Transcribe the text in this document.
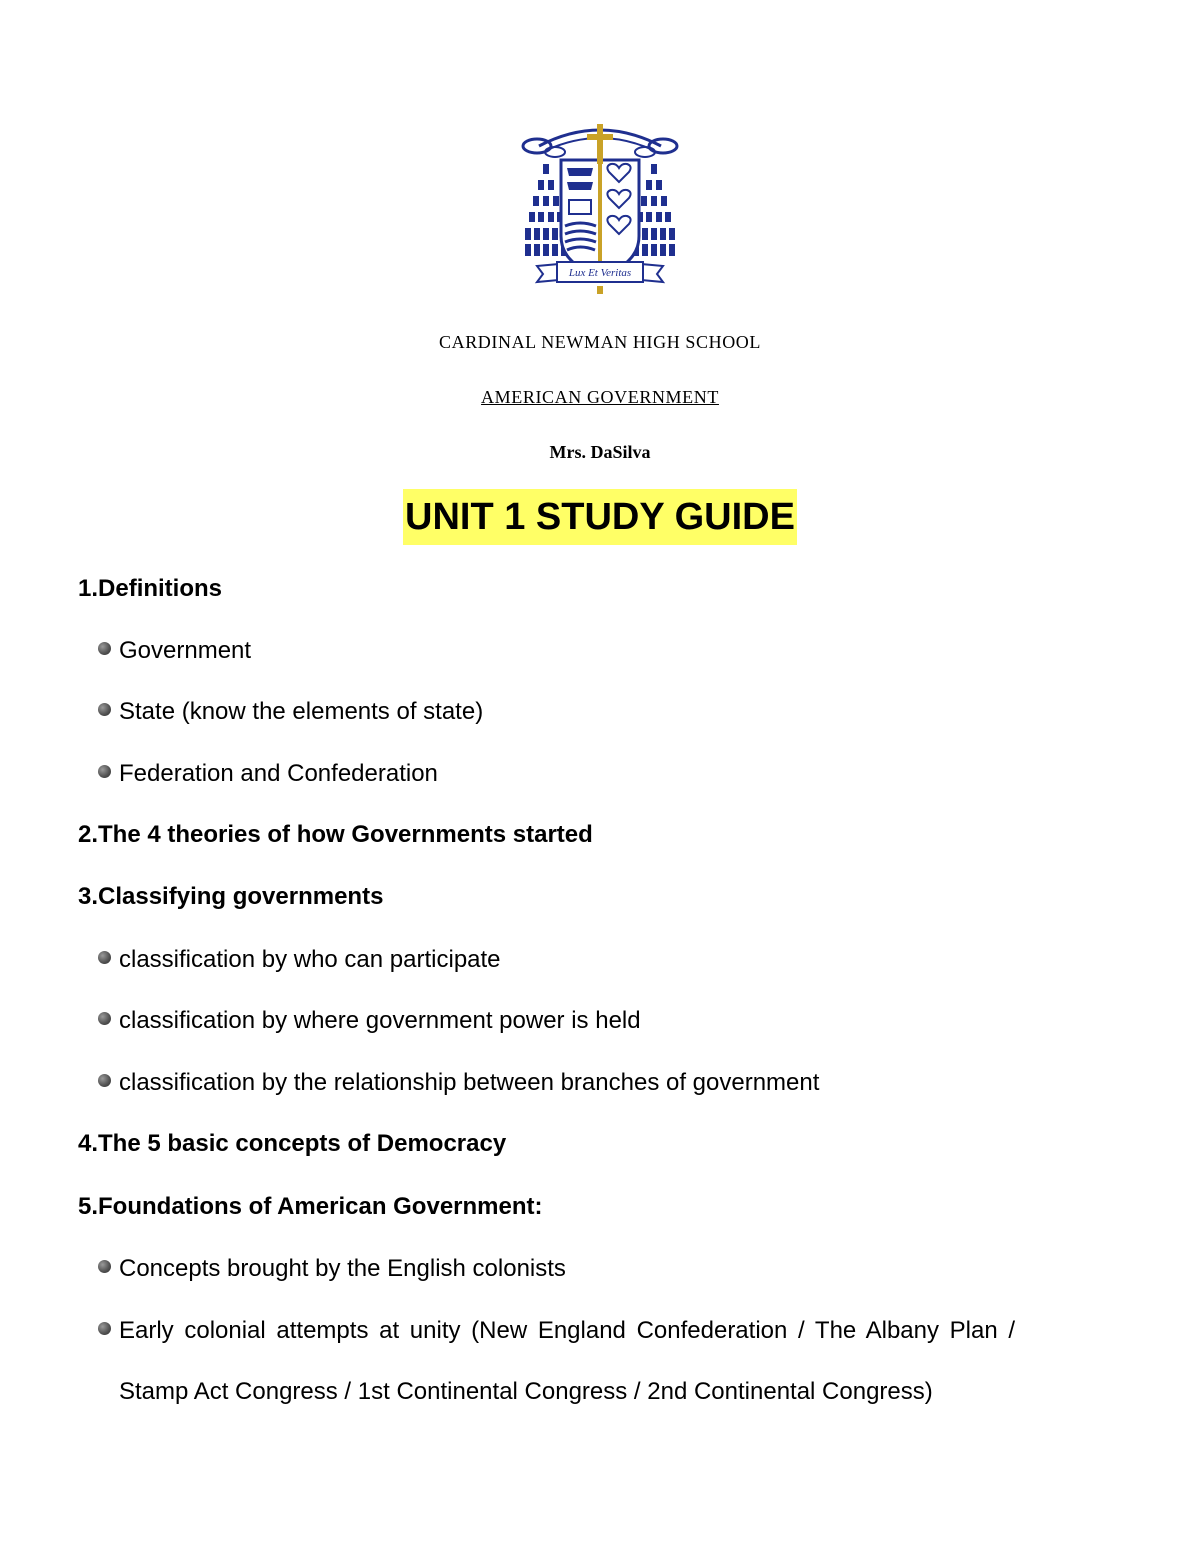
Lux Et Veritas
CARDINAL NEWMAN HIGH SCHOOL
AMERICAN GOVERNMENT
Mrs. DaSilva
UNIT 1 STUDY GUIDE
1.Definitions
Government
State (know the elements of state)
Federation and Confederation
2.The 4 theories of how Governments started
3.Classifying governments
classification by who can participate
classification by where government power is held
classification by the relationship between branches of government
4.The 5 basic concepts of Democracy
5.Foundations of American Government:
Concepts brought by the English colonists
Early colonial attempts at unity (New England Confederation / The Albany Plan /
Stamp Act Congress / 1st Continental Congress / 2nd Continental Congress)
